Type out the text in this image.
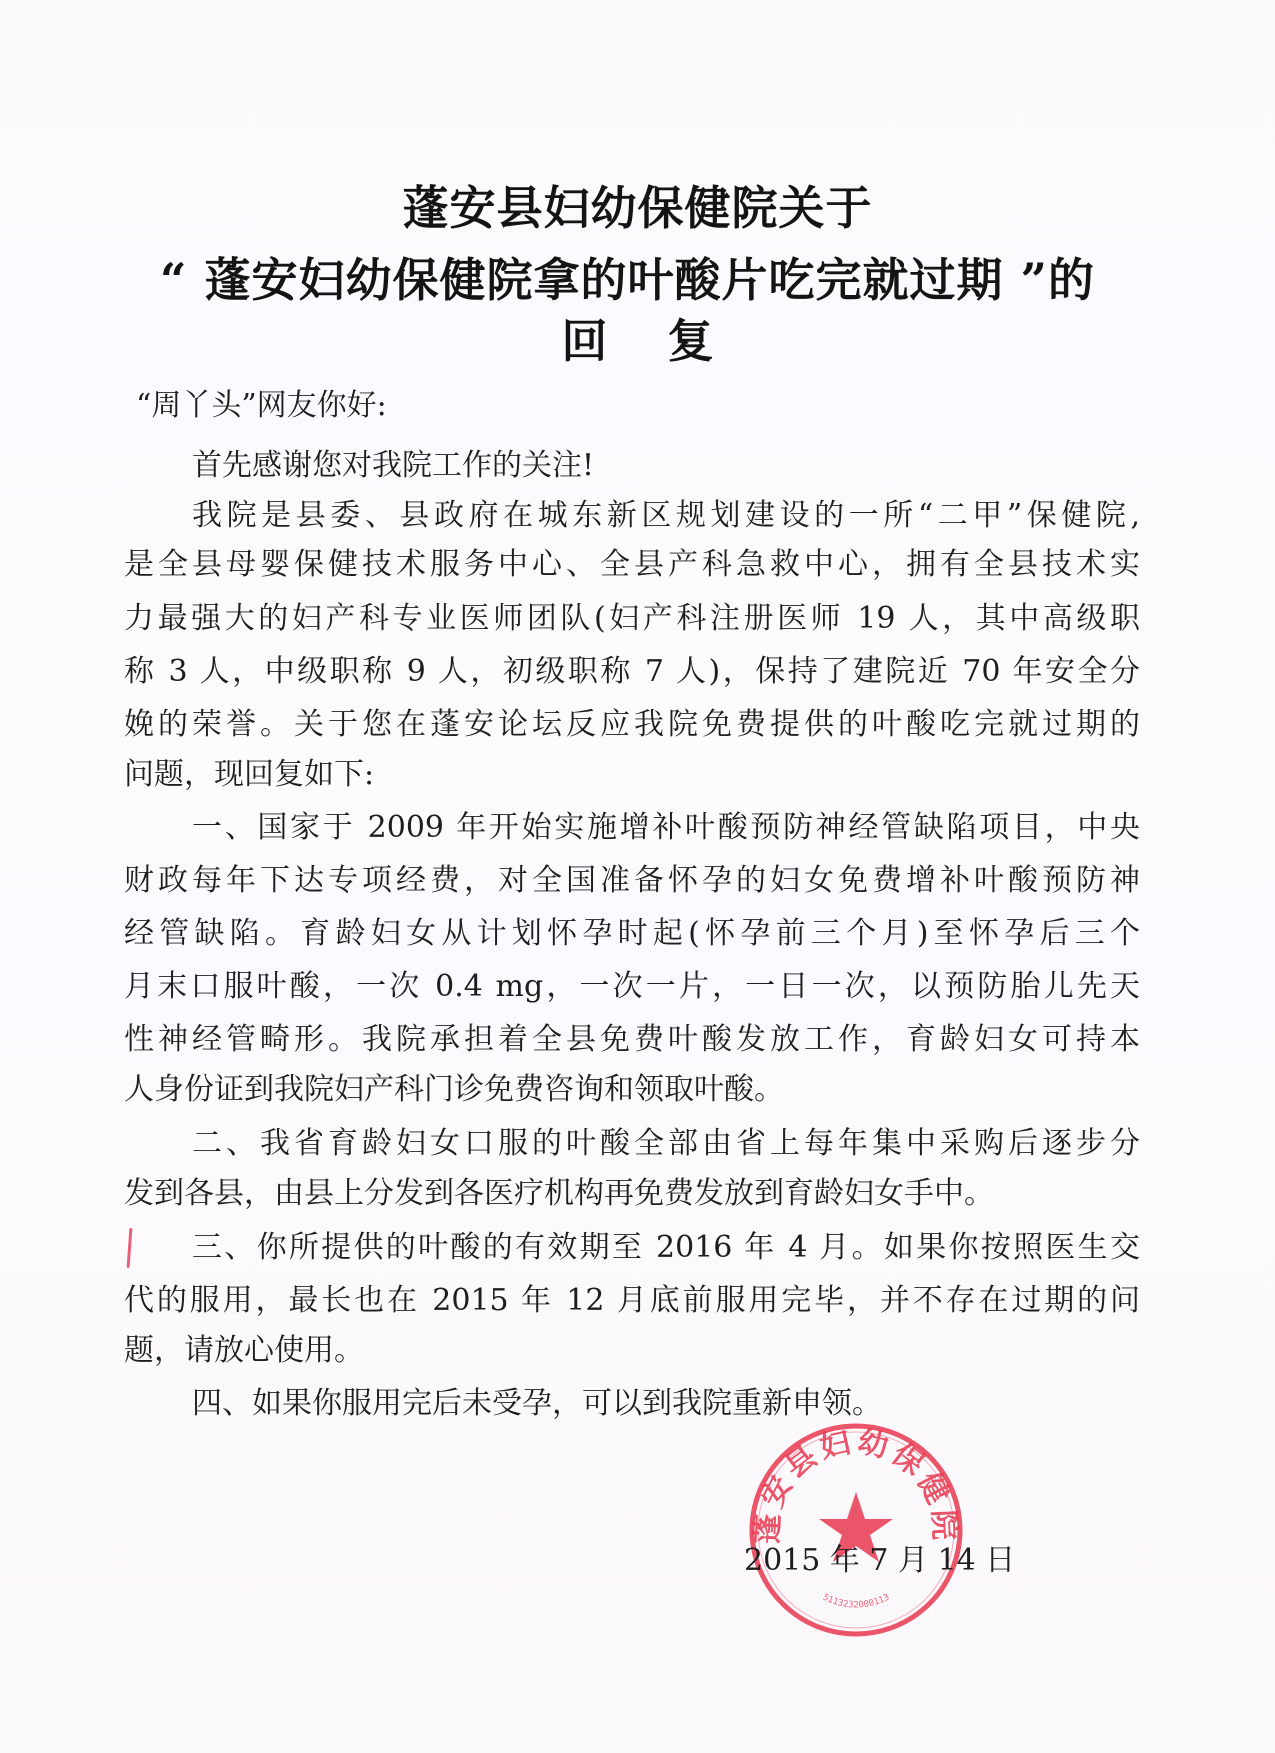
蓬安县妇幼保健院关于
“ 蓬安妇幼保健院拿的叶酸片吃完就过期 ”的
回复
“周丫头”网友你好:
首先感谢您对我院工作的关注!
我院是县委、县政府在城东新区规划建设的一所“二甲”保健院,
是全县母婴保健技术服务中心、全县产科急救中心，拥有全县技术实
力最强大的妇产科专业医师团队(妇产科注册医师 19 人，其中高级职
称 3 人，中级职称 9 人，初级职称 7 人)，保持了建院近 70 年安全分
娩的荣誉。关于您在蓬安论坛反应我院免费提供的叶酸吃完就过期的
问题，现回复如下:
一、国家于 2009 年开始实施增补叶酸预防神经管缺陷项目，中央
财政每年下达专项经费，对全国准备怀孕的妇女免费增补叶酸预防神
经管缺陷。育龄妇女从计划怀孕时起(怀孕前三个月)至怀孕后三个
月末口服叶酸，一次 0.4 mg，一次一片，一日一次，以预防胎儿先天
性神经管畸形。我院承担着全县免费叶酸发放工作，育龄妇女可持本
人身份证到我院妇产科门诊免费咨询和领取叶酸。
二、我省育龄妇女口服的叶酸全部由省上每年集中采购后逐步分
发到各县，由县上分发到各医疗机构再免费发放到育龄妇女手中。
三、你所提供的叶酸的有效期至 2016 年 4 月。如果你按照医生交
代的服用，最长也在 2015 年 12 月底前服用完毕，并不存在过期的问
题，请放心使用。
四、如果你服用完后未受孕，可以到我院重新申领。
蓬安县妇幼保健院
5113232000113
2015 年 7 月 14 日
